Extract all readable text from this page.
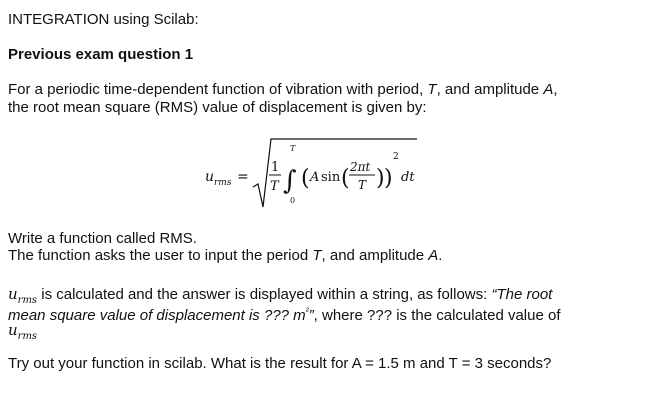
INTEGRATION using Scilab:
Previous exam question 1
For a periodic time-dependent function of vibration with period, T, and amplitude A,
the root mean square (RMS) value of displacement is given by:
u rms =
1
T
T
∫
0
( A sin ( 2πt
T ) )
2
dt
Write a function called RMS.
The function asks the user to input the period T, and amplitude A.
$u_{rms}$ is calculated and the answer is displayed within a string, as follows: “The root
mean square value of displacement is ??? $m^{^2}$”, where ??? is the calculated value of
$u_{rms}$
Try out your function in scilab. What is the result for A = 1.5 m and T = 3 seconds?
